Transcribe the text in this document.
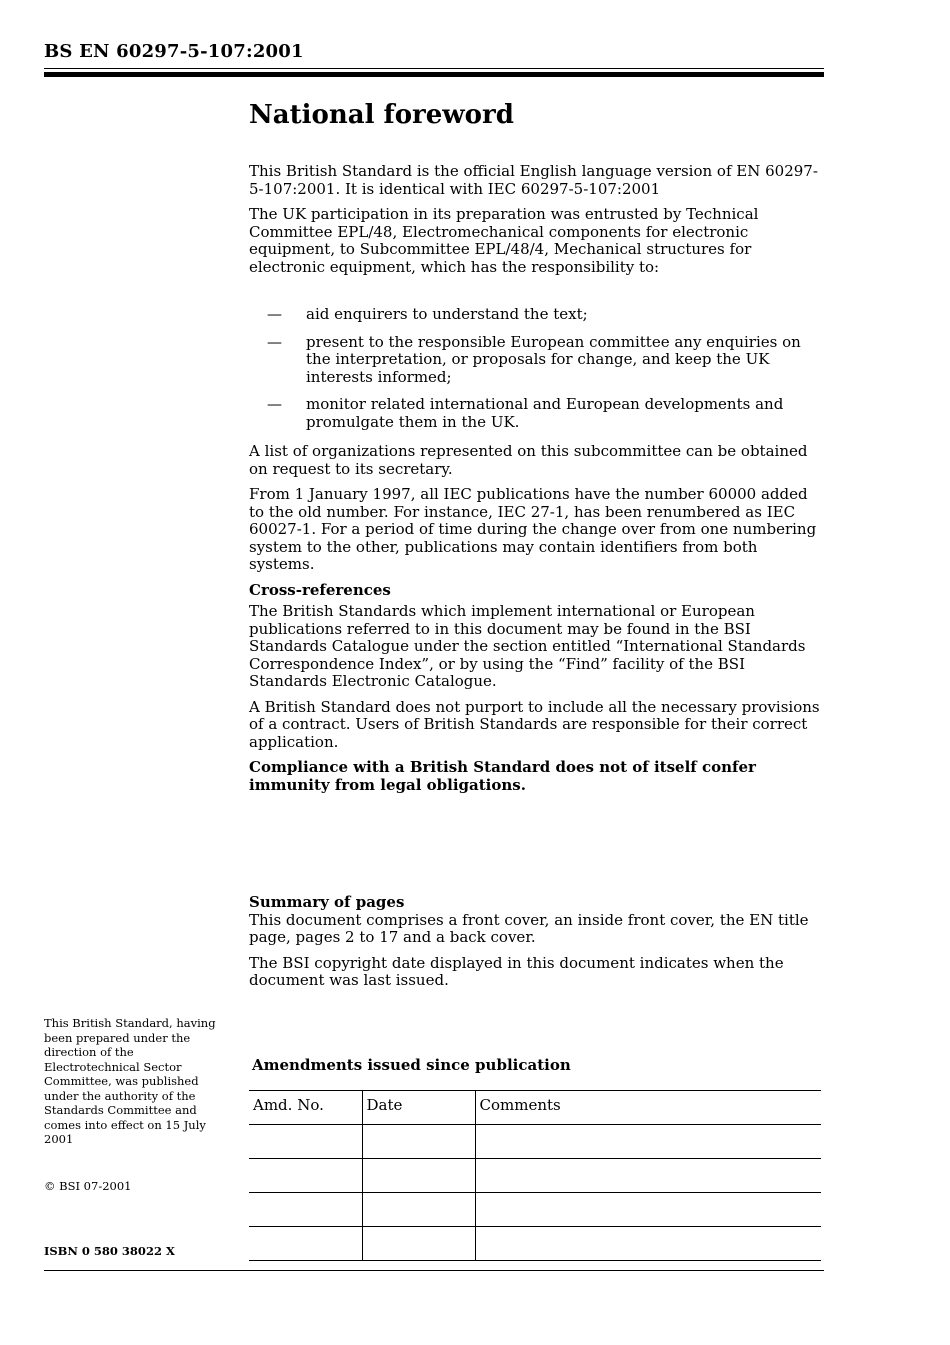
BS EN 60297-5-107:2001
National foreword

This British Standard is the official English language version of EN 60297-5-107:2001. It is identical with IEC 60297-5-107:2001

The UK participation in its preparation was entrusted by Technical Committee EPL/48, Electromechanical components for electronic equipment, to Subcommittee EPL/48/4, Mechanical structures for electronic equipment, which has the responsibility to:

—	aid enquirers to understand the text;
—	present to the responsible European committee any enquiries on the interpretation, or proposals for change, and keep the UK interests informed;
—	monitor related international and European developments and promulgate them in the UK.

A list of organizations represented on this subcommittee can be obtained on request to its secretary.

From 1 January 1997, all IEC publications have the number 60000 added to the old number. For instance, IEC 27-1, has been renumbered as IEC 60027-1. For a period of time during the change over from one numbering system to the other, publications may contain identifiers from both systems.

Cross-references

The British Standards which implement international or European publications referred to in this document may be found in the BSI Standards Catalogue under the section entitled “International Standards Correspondence Index”, or by using the “Find” facility of the BSI Standards Electronic Catalogue.

A British Standard does not purport to include all the necessary provisions of a contract. Users of British Standards are responsible for their correct application.

Compliance with a British Standard does not of itself confer immunity from legal obligations.

Summary of pages

This document comprises a front cover, an inside front cover, the EN title page, pages 2 to 17 and a back cover.

The BSI copyright date displayed in this document indicates when the document was last issued.

This British Standard, having been prepared under the direction of the Electrotechnical Sector Committee, was published under the authority of the Standards Committee and comes into effect on 15 July 2001
© BSI 07-2001
ISBN 0 580 38022 X
Amendments issued since publication
Amd. No.	Date	Comments
